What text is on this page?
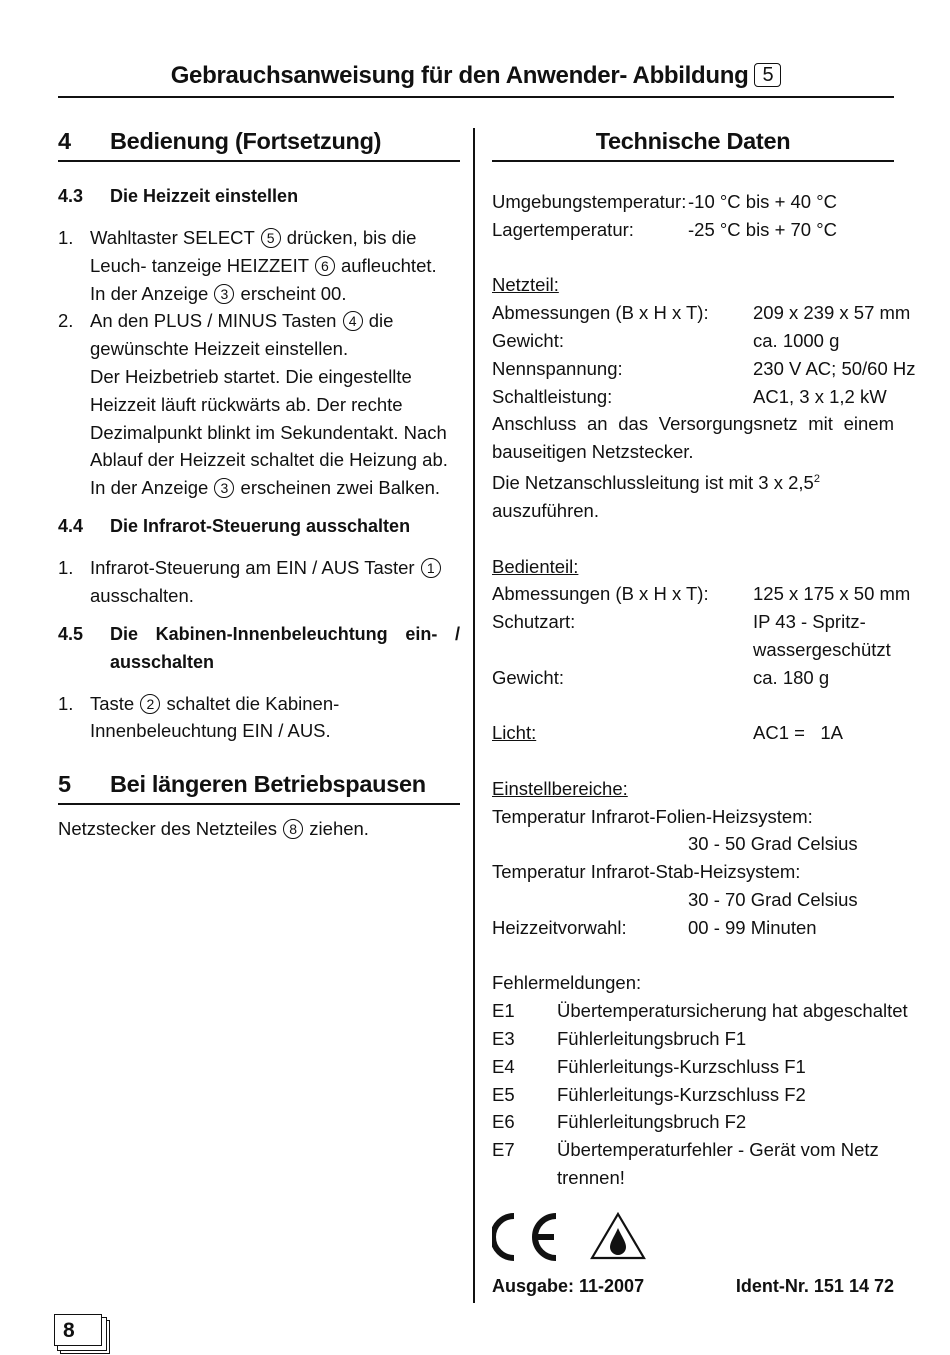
Gebrauchsanweisung für den Anwender- Abbildung 5
4 Bedienung (Fortsetzung)
4.3	Die Heizzeit einstellen
1. Wahltaster SELECT 5 drücken, bis die Leuch- tanzeige HEIZZEIT 6 aufleuchtet.
In der Anzeige 3 erscheint 00.
2. An den PLUS / MINUS Tasten 4 die gewünschte Heizzeit einstellen.
Der Heizbetrieb startet. Die eingestellte Heizzeit läuft rückwärts ab. Der rechte Dezimalpunkt blinkt im Sekundentakt. Nach Ablauf der Heizzeit schaltet die Heizung ab. In der Anzeige 3 erscheinen zwei Balken.
4.4	Die Infrarot-Steuerung ausschalten
1. Infrarot-Steuerung am EIN / AUS Taster 1 ausschalten.
4.5	Die Kabinen-Innenbeleuchtung ein- / ausschalten
1. Taste 2 schaltet die Kabinen-Innenbeleuchtung EIN / AUS.
5 Bei längeren Betriebspausen
Netzstecker des Netzteiles 8 ziehen.
Technische Daten
Umgebungstemperatur: -10 °C bis + 40 °C
Lagertemperatur:	-25 °C bis + 70 °C
Netzteil:
Abmessungen (B x H x T):	209 x 239 x 57 mm
Gewicht:	ca. 1000 g
Nennspannung:	230 V AC; 50/60 Hz
Schaltleistung:	AC1, 3 x 1,2 kW
Anschluss an das Versorgungsnetz mit einem bauseitigen Netzstecker.
Die Netzanschlussleitung ist mit 3 x $2,5^2$ auszuführen.
Bedienteil:
Abmessungen (B x H x T):	125 x 175 x 50 mm
Schutzart:	IP 43 - Spritz-
wassergeschützt
Gewicht:	ca. 180 g
Licht:	AC1 =   1A
Einstellbereiche:
Temperatur Infrarot-Folien-Heizsystem:
30 - 50 Grad Celsius
Temperatur Infrarot-Stab-Heizsystem:
30 - 70 Grad Celsius
Heizzeitvorwahl:	00 - 99 Minuten
Fehlermeldungen:
E1	Übertemperatursicherung hat abgeschaltet
E3	Fühlerleitungsbruch F1
E4	Fühlerleitungs-Kurzschluss F1
E5	Fühlerleitungs-Kurzschluss F2
E6	Fühlerleitungsbruch F2
E7	Übertemperaturfehler - Gerät vom Netz
trennen!
Ausgabe: 11-2007	Ident-Nr. 151 14 72
8
